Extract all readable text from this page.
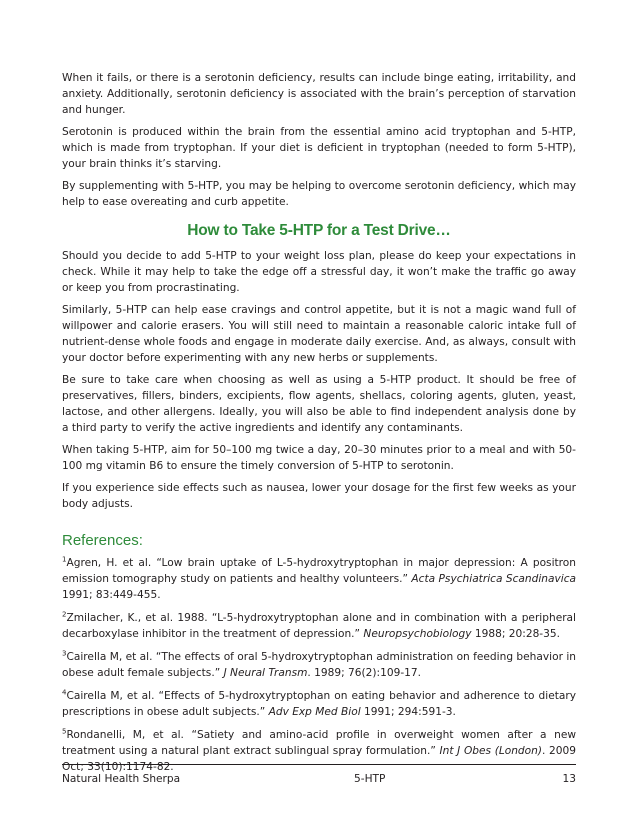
When it fails, or there is a serotonin deficiency, results can include binge eating, irritability, and anxiety. Additionally, serotonin deficiency is associated with the brain’s perception of starvation and hunger.

Serotonin is produced within the brain from the essential amino acid tryptophan and 5-HTP, which is made from tryptophan. If your diet is deficient in tryptophan (needed to form 5-HTP), your brain thinks it’s starving.

By supplementing with 5-HTP, you may be helping to overcome serotonin deficiency, which may help to ease overeating and curb appetite.

How to Take 5-HTP for a Test Drive…

Should you decide to add 5-HTP to your weight loss plan, please do keep your expectations in check. While it may help to take the edge off a stressful day, it won’t make the traffic go away or keep you from procrastinating.

Similarly, 5-HTP can help ease cravings and control appetite, but it is not a magic wand full of willpower and calorie erasers. You will still need to maintain a reasonable caloric intake full of nutrient-dense whole foods and engage in moderate daily exercise. And, as always, consult with your doctor before experimenting with any new herbs or supplements.

Be sure to take care when choosing as well as using a 5-HTP product. It should be free of preservatives, fillers, binders, excipients, flow agents, shellacs, coloring agents, gluten, yeast, lactose, and other allergens. Ideally, you will also be able to find independent analysis done by a third party to verify the active ingredients and identify any contaminants.

When taking 5-HTP, aim for 50–100 mg twice a day, 20–30 minutes prior to a meal and with 50-100 mg vitamin B6 to ensure the timely conversion of 5-HTP to serotonin.

If you experience side effects such as nausea, lower your dosage for the first few weeks as your body adjusts.

References:

$^1$Agren, H. et al. “Low brain uptake of L-5-hydroxytryptophan in major depression: A positron emission tomography study on patients and healthy volunteers.” Acta Psychiatrica Scandinavica 1991; 83:449-455.

$^2$Zmilacher, K., et al. 1988. “L-5-hydroxytryptophan alone and in combination with a peripheral decarboxylase inhibitor in the treatment of depression.” Neuropsychobiology 1988; 20:28-35.

$^3$Cairella M, et al. “The effects of oral 5-hydroxytryptophan administration on feeding behavior in obese adult female subjects.” J Neural Transm. 1989; 76(2):109-17.

$^4$Cairella M, et al. “Effects of 5-hydroxytryptophan on eating behavior and adherence to dietary prescriptions in obese adult subjects.” Adv Exp Med Biol 1991; 294:591-3.

$^5$Rondanelli, M, et al. “Satiety and amino-acid profile in overweight women after a new treatment using a natural plant extract sublingual spray formulation.” Int J Obes (London). 2009 Oct; 33(10):1174-82.

Natural Health Sherpa	5-HTP	13
